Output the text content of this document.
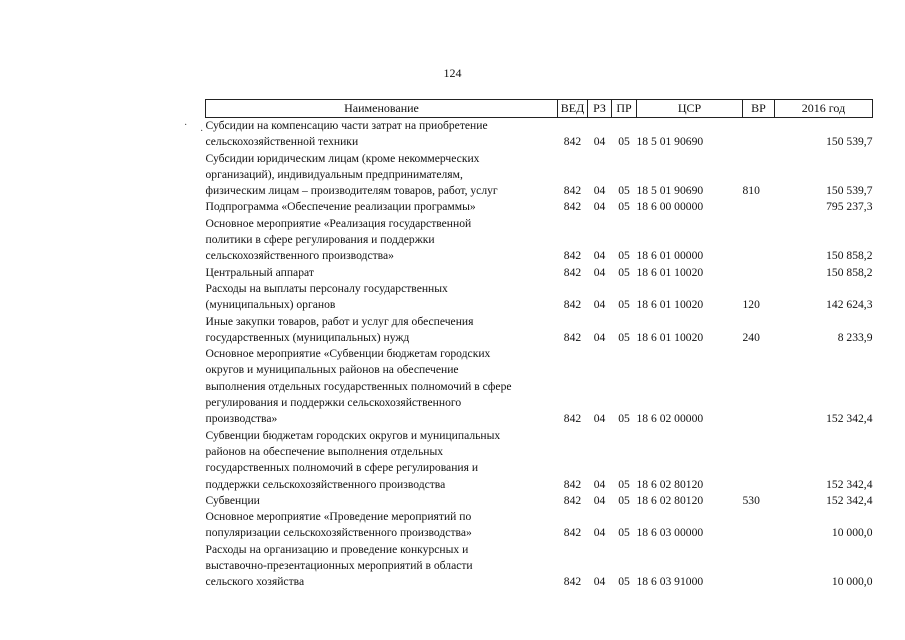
124
·
·
Наименование	ВЕД	РЗ	ПР	ЦСР	ВР	2016 год

Субсидии на компенсацию части затрат на приобретение
сельскохозяйственной техники	842	04	05	18 5 01 90690		150 539,7

Субсидии юридическим лицам (кроме некоммерческих
организаций), индивидуальным предпринимателям,
физическим лицам – производителям товаров, работ, услуг	842	04	05	18 5 01 90690	810	150 539,7

Подпрограмма «Обеспечение реализации программы»	842	04	05	18 6 00 00000		795 237,3

Основное мероприятие «Реализация государственной
политики в сфере регулирования и поддержки
сельскохозяйственного производства»	842	04	05	18 6 01 00000		150 858,2

Центральный аппарат	842	04	05	18 6 01 10020		150 858,2

Расходы на выплаты персоналу государственных
(муниципальных) органов	842	04	05	18 6 01 10020	120	142 624,3

Иные закупки товаров, работ и услуг для обеспечения
государственных (муниципальных) нужд	842	04	05	18 6 01 10020	240	8 233,9

Основное мероприятие «Субвенции бюджетам городских
округов и муниципальных районов на обеспечение
выполнения отдельных государственных полномочий в сфере
регулирования и поддержки сельскохозяйственного
производства»	842	04	05	18 6 02 00000		152 342,4

Субвенции бюджетам городских округов и муниципальных
районов на обеспечение выполнения отдельных
государственных полномочий в сфере регулирования и
поддержки сельскохозяйственного производства	842	04	05	18 6 02 80120		152 342,4

Субвенции	842	04	05	18 6 02 80120	530	152 342,4

Основное мероприятие «Проведение мероприятий по
популяризации сельскохозяйственного производства»	842	04	05	18 6 03 00000		10 000,0

Расходы на организацию и проведение конкурсных и
выставочно-презентационных мероприятий в области
сельского хозяйства	842	04	05	18 6 03 91000		10 000,0
